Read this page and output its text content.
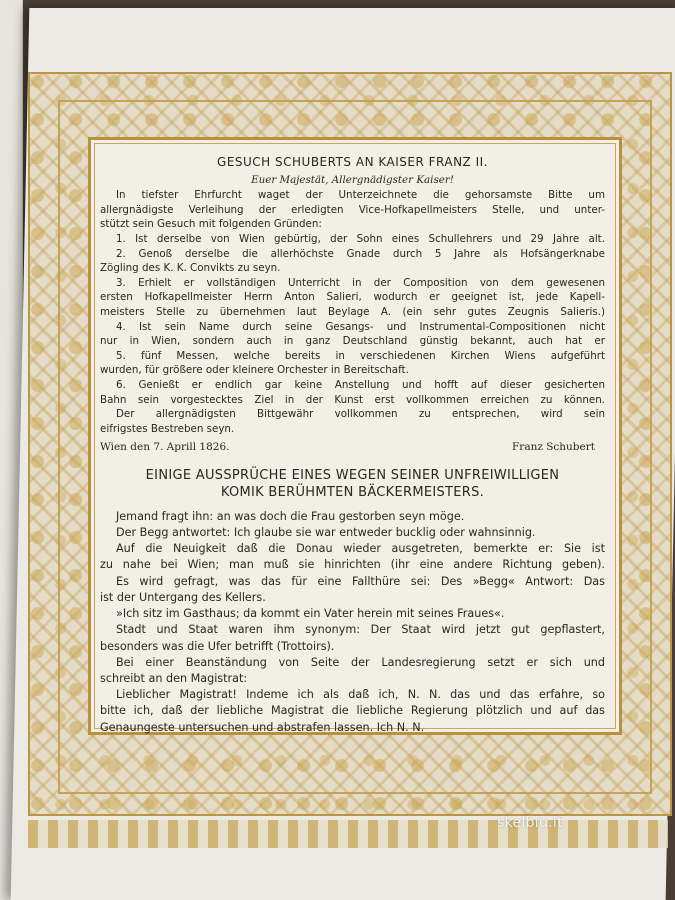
GESUCH SCHUBERTS AN KAISER FRANZ II.
Euer Majestät, Allergnädigster Kaiser!
In tiefster Ehrfurcht waget der Unterzeichnete die gehorsamste Bitte um
allergnädigste Verleihung der erledigten Vice-Hofkapellmeisters Stelle, und unter-
stützt sein Gesuch mit folgenden Gründen:
1. Ist derselbe von Wien gebürtig, der Sohn eines Schullehrers und 29 Jahre alt.
2. Genoß derselbe die allerhöchste Gnade durch 5 Jahre als Hofsängerknabe
Zögling des K. K. Convikts zu seyn.
3. Erhielt er vollständigen Unterricht in der Composition von dem gewesenen
ersten Hofkapellmeister Herrn Anton Salieri, wodurch er geeignet ist, jede Kapell-
meisters Stelle zu übernehmen laut Beylage A. (ein sehr gutes Zeugnis Salieris.)
4. Ist sein Name durch seine Gesangs- und Instrumental-Compositionen nicht
nur in Wien, sondern auch in ganz Deutschland günstig bekannt, auch hat er
5. fünf Messen, welche bereits in verschiedenen Kirchen Wiens aufgeführt
wurden, für größere oder kleinere Orchester in Bereitschaft.
6. Genießt er endlich gar keine Anstellung und hofft auf dieser gesicherten
Bahn sein vorgestecktes Ziel in der Kunst erst vollkommen erreichen zu können.
Der allergnädigsten Bittgewähr vollkommen zu entsprechen, wird sein
eifrigstes Bestreben seyn.
Wien den 7. Aprill 1826.	Franz Schubert
EINIGE AUSSPRÜCHE EINES WEGEN SEINER UNFREIWILLIGEN
KOMIK BERÜHMTEN BÄCKERMEISTERS.
Jemand fragt ihn: an was doch die Frau gestorben seyn möge.
Der Begg antwortet: Ich glaube sie war entweder bucklig oder wahnsinnig.
Auf die Neuigkeit daß die Donau wieder ausgetreten, bemerkte er: Sie ist
zu nahe bei Wien; man muß sie hinrichten (ihr eine andere Richtung geben).
Es wird gefragt, was das für eine Fallthüre sei: Des »Begg« Antwort: Das
ist der Untergang des Kellers.
»Ich sitz im Gasthaus; da kommt ein Vater herein mit seines Fraues«.
Stadt und Staat waren ihm synonym: Der Staat wird jetzt gut gepflastert,
besonders was die Ufer betrifft (Trottoirs).
Bei einer Beanständung von Seite der Landesregierung setzt er sich und
schreibt an den Magistrat:
Lieblicher Magistrat! Indeme ich als daß ich, N. N. das und das erfahre, so
bitte ich, daß der liebliche Magistrat die liebliche Regierung plötzlich und auf das
Genaungeste untersuchen und abstrafen lassen. Ich N. N.
skelbiu.lt
